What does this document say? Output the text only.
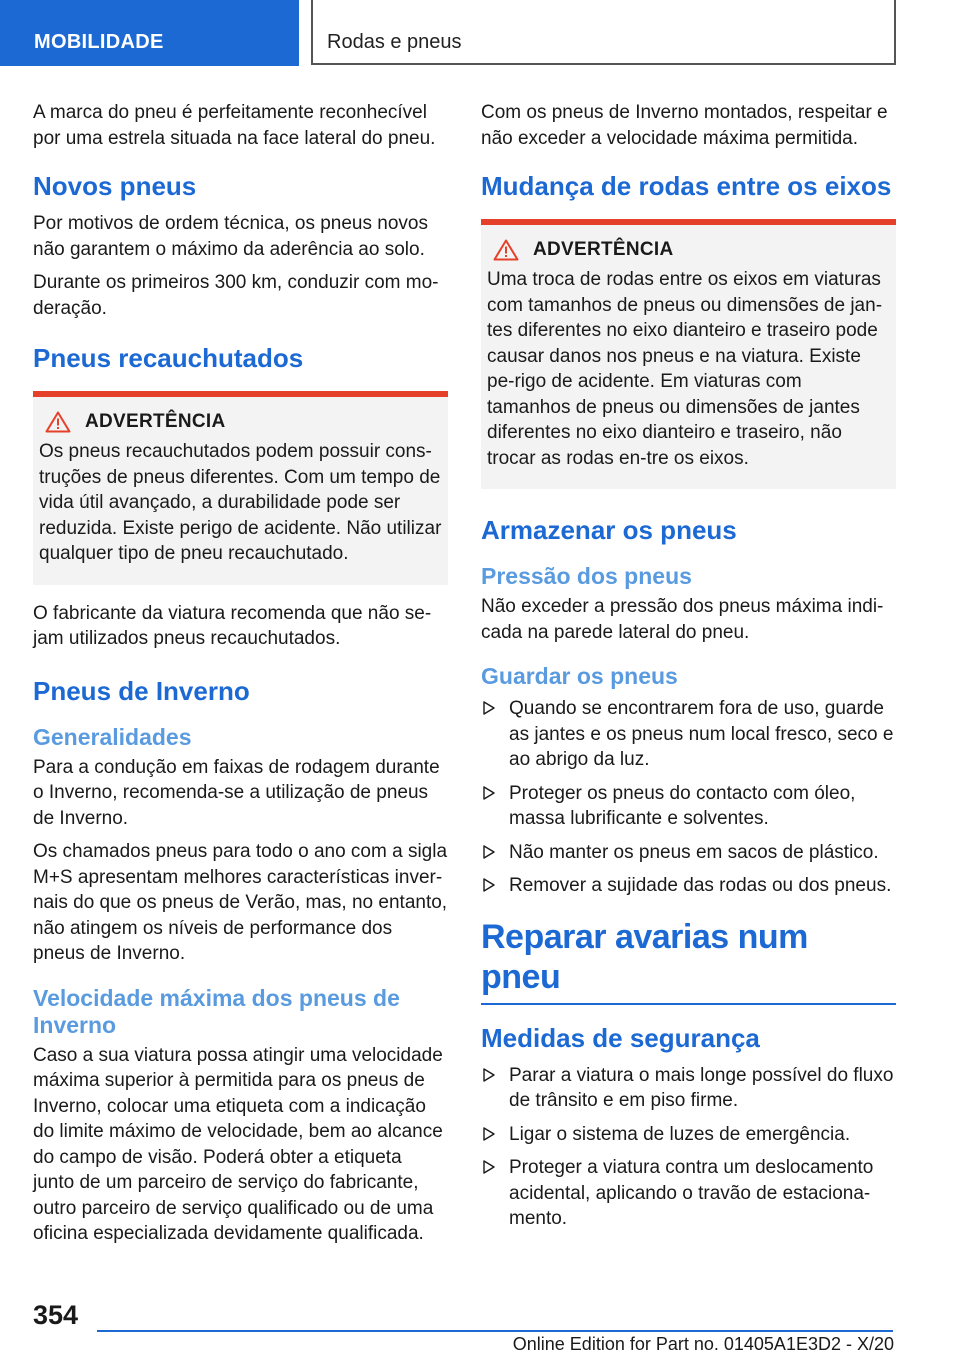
MOBILIDADE	Rodas e pneus

A marca do pneu é perfeitamente reconhecível por uma estrela situada na face lateral do pneu.

Novos pneus

Por motivos de ordem técnica, os pneus novos não garantem o máximo da aderência ao solo.

Durante os primeiros 300 km, conduzir com mo-deração.

Pneus recauchutados
ADVERTÊNCIA

Os pneus recauchutados podem possuir cons-truções de pneus diferentes. Com um tempo de vida útil avançado, a durabilidade pode ser reduzida. Existe perigo de acidente. Não utilizar qualquer tipo de pneu recauchutado.

O fabricante da viatura recomenda que não se-jam utilizados pneus recauchutados.

Pneus de Inverno
Generalidades

Para a condução em faixas de rodagem durante o Inverno, recomenda-se a utilização de pneus de Inverno.

Os chamados pneus para todo o ano com a sigla M+S apresentam melhores características inver-nais do que os pneus de Verão, mas, no entanto, não atingem os níveis de performance dos pneus de Inverno.

Velocidade máxima dos pneus de Inverno

Caso a sua viatura possa atingir uma velocidade máxima superior à permitida para os pneus de Inverno, colocar uma etiqueta com a indicação do limite máximo de velocidade, bem ao alcance do campo de visão. Poderá obter a etiqueta junto de um parceiro de serviço do fabricante, outro parceiro de serviço qualificado ou de uma oficina especializada devidamente qualificada.

Com os pneus de Inverno montados, respeitar e não exceder a velocidade máxima permitida.

Mudança de rodas entre os eixos
ADVERTÊNCIA

Uma troca de rodas entre os eixos em viaturas com tamanhos de pneus ou dimensões de jan-tes diferentes no eixo dianteiro e traseiro pode causar danos nos pneus e na viatura. Existe pe-rigo de acidente. Em viaturas com tamanhos de pneus ou dimensões de jantes diferentes no eixo dianteiro e traseiro, não trocar as rodas en-tre os eixos.

Armazenar os pneus
Pressão dos pneus

Não exceder a pressão dos pneus máxima indi-cada na parede lateral do pneu.

Guardar os pneus
Quando se encontrarem fora de uso, guarde as jantes e os pneus num local fresco, seco e ao abrigo da luz.
Proteger os pneus do contacto com óleo, massa lubrificante e solventes.
Não manter os pneus em sacos de plástico.
Remover a sujidade das rodas ou dos pneus.
Reparar avarias num pneu
Medidas de segurança
Parar a viatura o mais longe possível do fluxo de trânsito e em piso firme.
Ligar o sistema de luzes de emergência.
Proteger a viatura contra um deslocamento acidental, aplicando o travão de estaciona-mento.
354
Online Edition for Part no. 01405A1E3D2 - X/20
